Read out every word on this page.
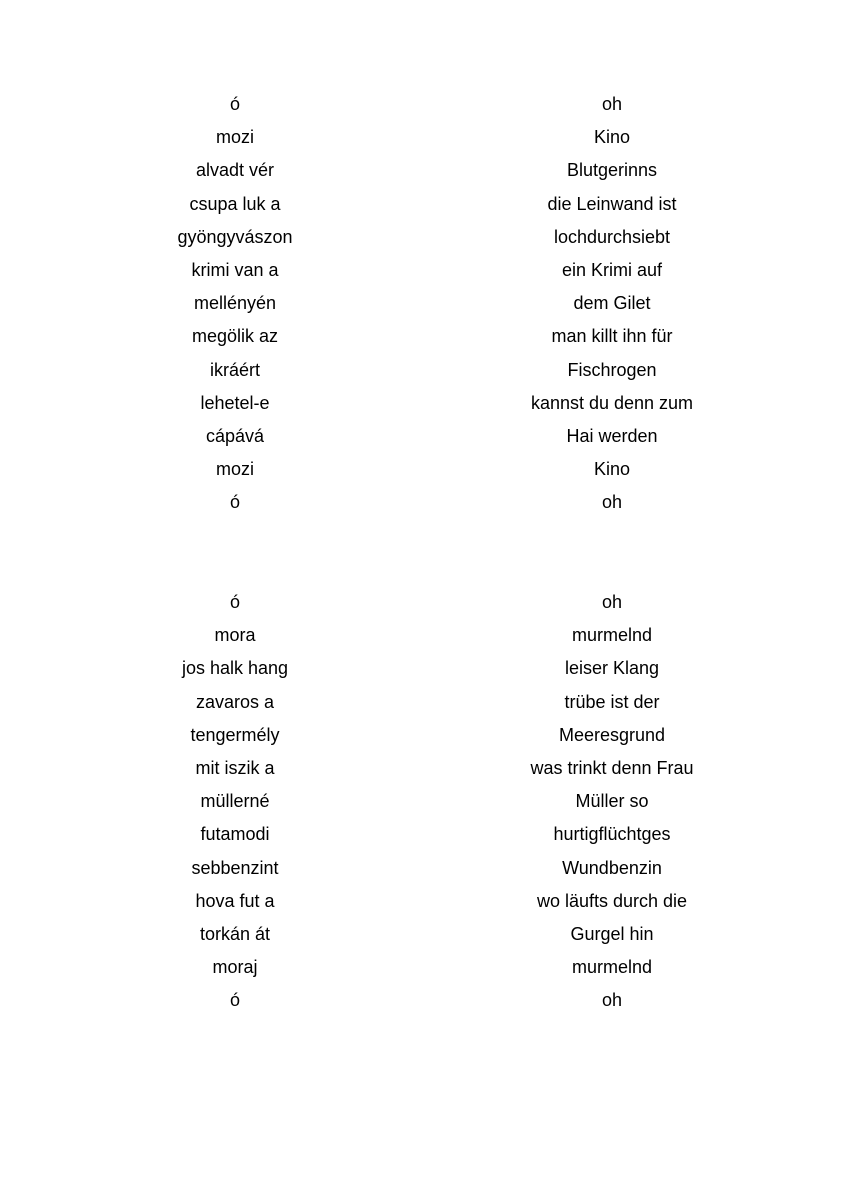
ó	oh
mozi	Kino
alvadt vér	Blutgerinns
csupa luk a	die Leinwand ist
gyöngyvászon	lochdurchsiebt
krimi van a	ein Krimi auf
mellényén	dem Gilet
megölik az	man killt ihn für
ikráért	Fischrogen
lehetel-e	kannst du denn zum
cápává	Hai werden
mozi	Kino
ó	oh
ó	oh
mora	murmelnd
jos halk hang	leiser Klang
zavaros a	trübe ist der
tengermély	Meeresgrund
mit iszik a	was trinkt denn Frau
müllerné	Müller so
futamodi	hurtigflüchtges
sebbenzint	Wundbenzin
hova fut a	wo läufts durch die
torkán át	Gurgel hin
moraj	murmelnd
ó	oh
